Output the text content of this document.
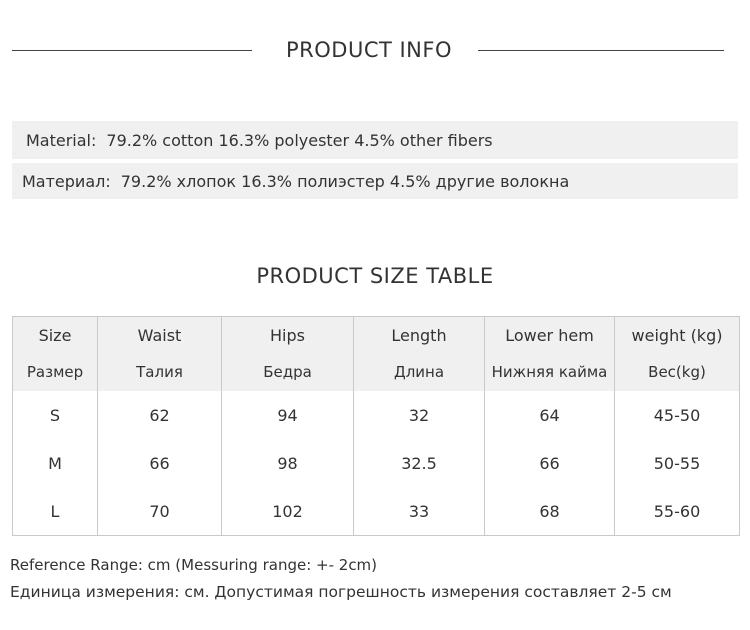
PRODUCT INFO
Material: 79.2% cotton 16.3% polyester 4.5% other fibers
Материал: 79.2% хлопок 16.3% полиэстер 4.5% другие волокна
PRODUCT SIZE TABLE
Size	Waist	Hips	Length	Lower hem	weight (kg)
Размер	Талия	Бедра	Длина	Нижняя кайма	Вес(kg)
S	62	94	32	64	45-50
M	66	98	32.5	66	50-55
L	70	102	33	68	55-60
Reference Range: cm (Messuring range: +- 2cm)
Единица измерения: см. Допустимая погрешность измерения составляет 2-5 см
